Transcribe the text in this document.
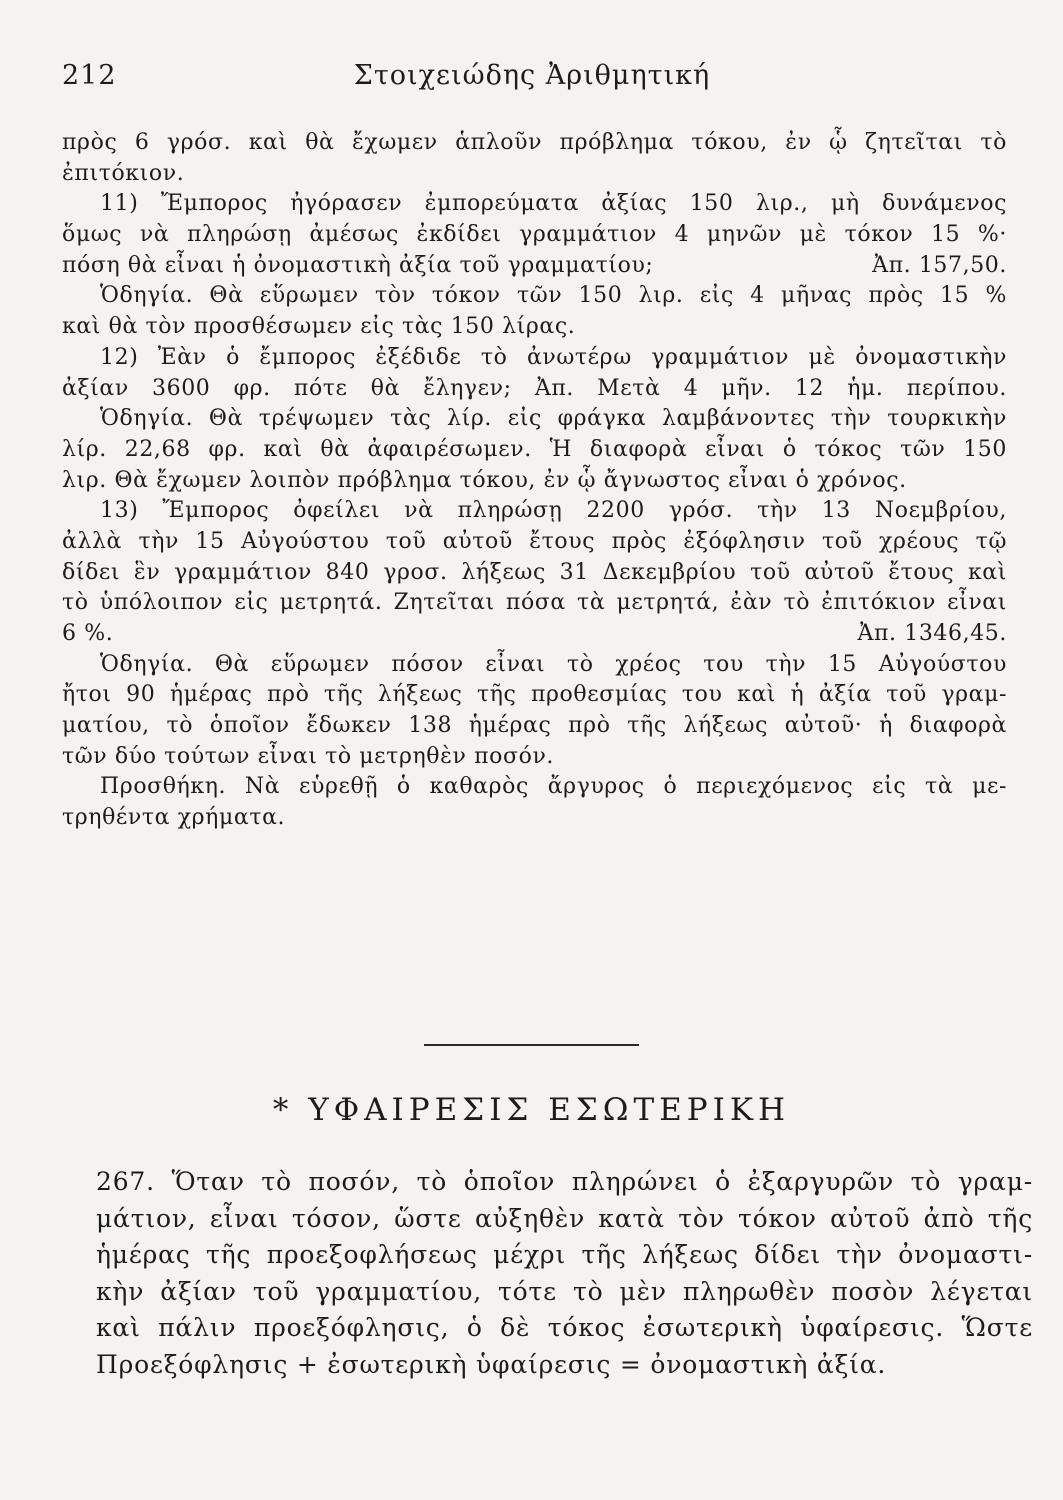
Στοιχειώδης Ἀριθμητική
212
πρὸς 6 γρόσ. καὶ θὰ ἔχωμεν ἁπλοῦν πρόβλημα τόκου, ἐν ᾧ ζητεῖται τὸ
ἐπιτόκιον.
11) Ἔμπορος ἠγόρασεν ἐμπορεύματα ἀξίας 150 λιρ., μὴ δυνάμενος
ὅμως νὰ πληρώσῃ ἀμέσως ἐκδίδει γραμμάτιον 4 μηνῶν μὲ τόκον 15 %·
πόση θὰ εἶναι ἡ ὀνομαστικὴ ἀξία τοῦ γραμματίου;	Ἀπ. 157,50.
Ὁδηγία. Θὰ εὕρωμεν τὸν τόκον τῶν 150 λιρ. εἰς 4 μῆνας πρὸς 15 %
καὶ θὰ τὸν προσθέσωμεν εἰς τὰς 150 λίρας.
12) Ἐὰν ὁ ἔμπορος ἐξέδιδε τὸ ἀνωτέρω γραμμάτιον μὲ ὀνομαστικὴν
ἀξίαν 3600 φρ. πότε θὰ ἔληγεν; Ἀπ. Μετὰ 4 μῆν. 12 ἡμ. περίπου.
Ὁδηγία. Θὰ τρέψωμεν τὰς λίρ. εἰς φράγκα λαμβάνοντες τὴν τουρκικὴν
λίρ. 22,68 φρ. καὶ θὰ ἀφαιρέσωμεν. Ἡ διαφορὰ εἶναι ὁ τόκος τῶν 150
λιρ. Θὰ ἔχωμεν λοιπὸν πρόβλημα τόκου, ἐν ᾧ ἄγνωστος εἶναι ὁ χρόνος.
13) Ἔμπορος ὀφείλει νὰ πληρώσῃ 2200 γρόσ. τὴν 13 Νοεμβρίου,
ἀλλὰ τὴν 15 Αὐγούστου τοῦ αὐτοῦ ἔτους πρὸς ἐξόφλησιν τοῦ χρέους τῷ
δίδει ἓν γραμμάτιον 840 γροσ. λήξεως 31 Δεκεμβρίου τοῦ αὐτοῦ ἔτους καὶ
τὸ ὑπόλοιπον εἰς μετρητά. Ζητεῖται πόσα τὰ μετρητά, ἐὰν τὸ ἐπιτόκιον εἶναι
6 %.	Ἀπ. 1346,45.
Ὁδηγία. Θὰ εὕρωμεν πόσον εἶναι τὸ χρέος του τὴν 15 Αὐγούστου
ἤτοι 90 ἡμέρας πρὸ τῆς λήξεως τῆς προθεσμίας του καὶ ἡ ἀξία τοῦ γραμ-
ματίου, τὸ ὁποῖον ἔδωκεν 138 ἡμέρας πρὸ τῆς λήξεως αὐτοῦ· ἡ διαφορὰ
τῶν δύο τούτων εἶναι τὸ μετρηθὲν ποσόν.
Προσθήκη. Νὰ εὑρεθῇ ὁ καθαρὸς ἄργυρος ὁ περιεχόμενος εἰς τὰ με-
τρηθέντα χρήματα.
* ΥΦΑΙΡΕΣΙΣ ΕΣΩΤΕΡΙΚΗ
267. Ὅταν τὸ ποσόν, τὸ ὁποῖον πληρώνει ὁ ἐξαργυρῶν τὸ γραμ-
μάτιον, εἶναι τόσον, ὥστε αὐξηθὲν κατὰ τὸν τόκον αὐτοῦ ἀπὸ τῆς
ἡμέρας τῆς προεξοφλήσεως μέχρι τῆς λήξεως δίδει τὴν ὀνομαστι-
κὴν ἀξίαν τοῦ γραμματίου, τότε τὸ μὲν πληρωθὲν ποσὸν λέγεται
καὶ πάλιν προεξόφλησις, ὁ δὲ τόκος ἐσωτερικὴ ὑφαίρεσις. Ὥστε
Προεξόφλησις + ἐσωτερικὴ ὑφαίρεσις = ὀνομαστικὴ ἀξία.
